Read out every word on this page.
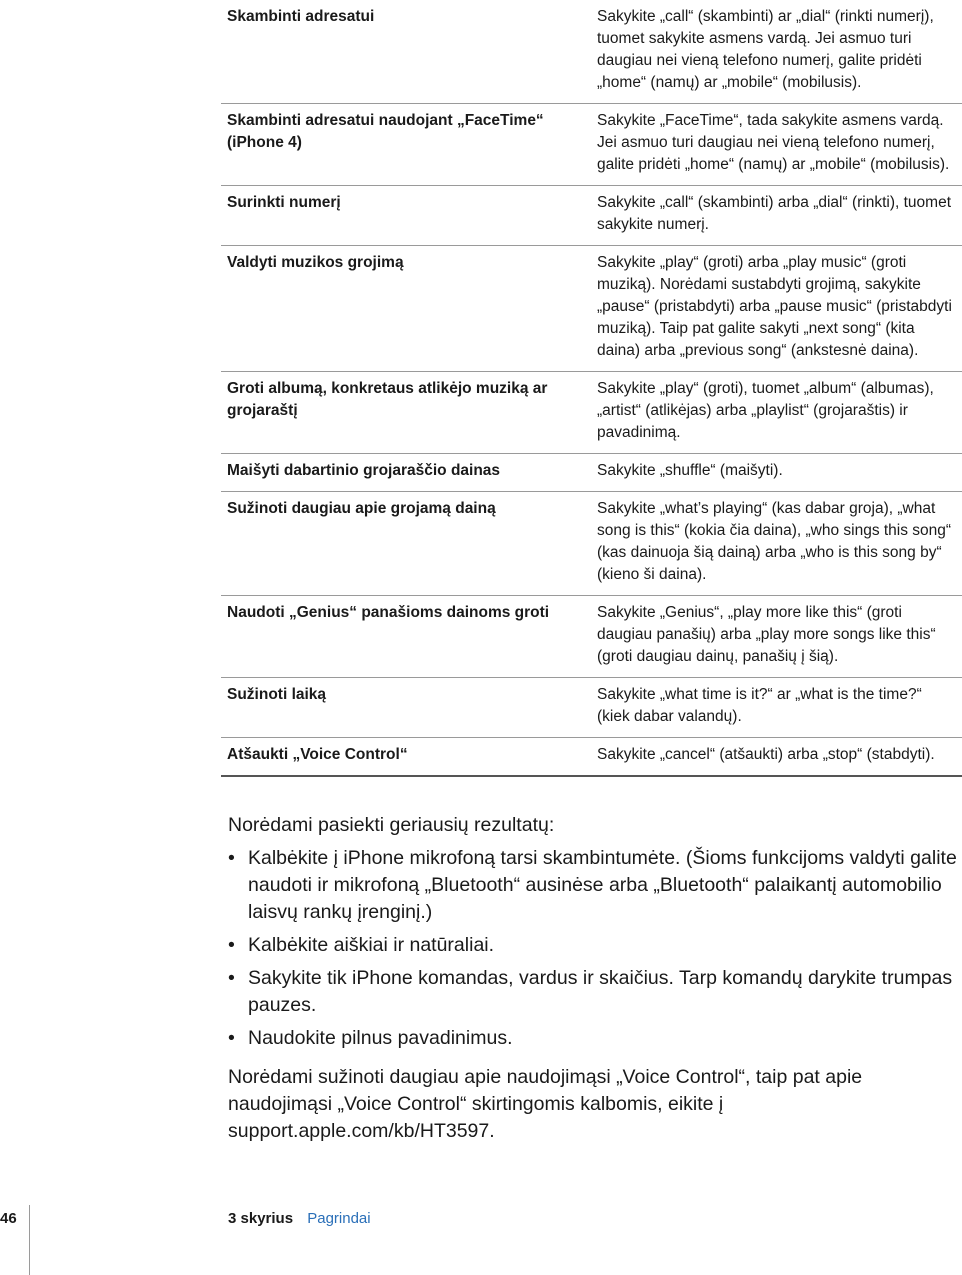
Skambinti adresatui	Sakykite „call“ (skambinti) ar „dial“ (rinkti numerį), tuomet sakykite asmens vardą. Jei asmuo turi daugiau nei vieną telefono numerį, galite pridėti „home“ (namų) ar „mobile“ (mobilusis).
Skambinti adresatui naudojant „FaceTime“ (iPhone 4)	Sakykite „FaceTime“, tada sakykite asmens vardą. Jei asmuo turi daugiau nei vieną telefono numerį, galite pridėti „home“ (namų) ar „mobile“ (mobilusis).
Surinkti numerį	Sakykite „call“ (skambinti) arba „dial“ (rinkti), tuomet sakykite numerį.
Valdyti muzikos grojimą	Sakykite „play“ (groti) arba „play music“ (groti muziką). Norėdami sustabdyti grojimą, sakykite „pause“ (pristabdyti) arba „pause music“ (pristabdyti muziką). Taip pat galite sakyti „next song“ (kita daina) arba „previous song“ (ankstesnė daina).
Groti albumą, konkretaus atlikėjo muziką ar grojaraštį	Sakykite „play“ (groti), tuomet „album“ (albumas), „artist“ (atlikėjas) arba „playlist“ (grojaraštis) ir pavadinimą.
Maišyti dabartinio grojaraščio dainas	Sakykite „shuffle“ (maišyti).
Sužinoti daugiau apie grojamą dainą	Sakykite „what’s playing“ (kas dabar groja), „what song is this“ (kokia čia daina), „who sings this song“ (kas dainuoja šią dainą) arba „who is this song by“ (kieno ši daina).
Naudoti „Genius“ panašioms dainoms groti	Sakykite „Genius“, „play more like this“ (groti daugiau panašių) arba „play more songs like this“ (groti daugiau dainų, panašių į šią).
Sužinoti laiką	Sakykite „what time is it?“ ar „what is the time?“ (kiek dabar valandų).
Atšaukti „Voice Control“	Sakykite „cancel“ (atšaukti) arba „stop“ (stabdyti).

Norėdami pasiekti geriausių rezultatų:

• Kalbėkite į iPhone mikrofoną tarsi skambintumėte. (Šioms funkcijoms valdyti galite naudoti ir mikrofoną „Bluetooth“ ausinėse arba „Bluetooth“ palaikantį automobilio laisvų rankų įrenginį.)
• Kalbėkite aiškiai ir natūraliai.
• Sakykite tik iPhone komandas, vardus ir skaičius. Tarp komandų darykite trumpas pauzes.
• Naudokite pilnus pavadinimus.

Norėdami sužinoti daugiau apie naudojimąsi „Voice Control“, taip pat apie naudojimąsi „Voice Control“ skirtingomis kalbomis, eikite į support.apple.com/kb/HT3597.

46	3 skyrius Pagrindai
